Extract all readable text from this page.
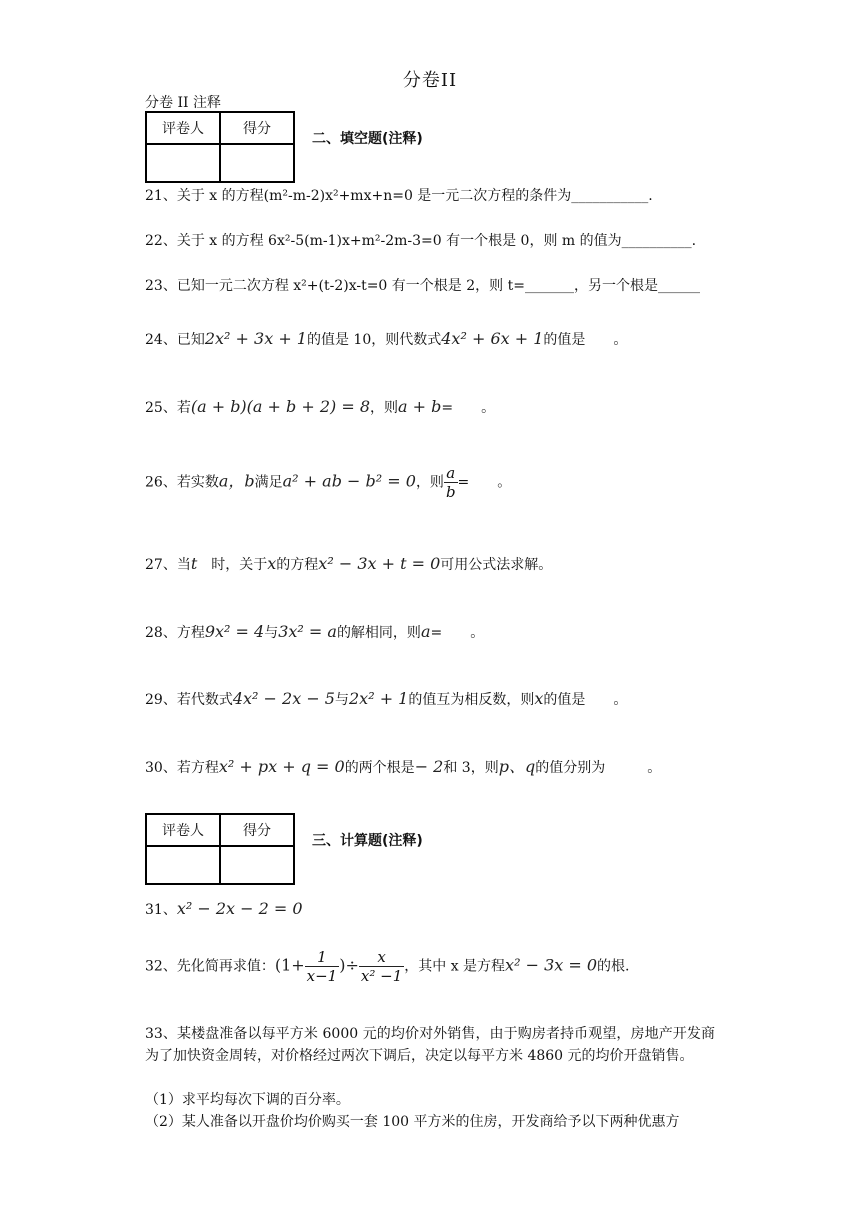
分卷II
分卷 II 注释
评卷人	得分

二、填空题(注释)
21、关于 x 的方程(m²-m-2)x²+mx+n=0 是一元二次方程的条件为___________.
22、关于 x 的方程 6x²-5(m-1)x+m²-2m-3=0 有一个根是 0，则 m 的值为__________.
23、已知一元二次方程 x²+(t-2)x-t=0 有一个根是 2，则 t=_______，另一个根是______
24、已知2x² + 3x + 1的值是 10，则代数式4x² + 6x + 1的值是　　。
25、若(a + b)(a + b + 2) = 8，则a + b=　　。
26、若实数a，b满足a² + ab − b² = 0，则 $\frac{a}{b}$ =　　。
27、当t　时，关于x的方程x² − 3x + t = 0可用公式法求解。
28、方程9x² = 4与3x² = a的解相同，则a=　　。
29、若代数式4x² − 2x − 5与2x² + 1的值互为相反数，则x的值是　　。
30、若方程x² + px + q = 0的两个根是− 2和 3，则p、q的值分别为　　　。
评卷人	得分

三、计算题(注释)
31、x² − 2x − 2 = 0
32、先化简再求值：($1+ \frac{1}{x-1}$ )÷ $\frac{x}{\text{x² −1}}$ ，其中 x 是方程x² − 3x = 0的根.
33、某楼盘准备以每平方米 6000 元的均价对外销售，由于购房者持币观望，房地产开发商为了加快资金周转，对价格经过两次下调后，决定以每平方米 4860 元的均价开盘销售。
（1）求平均每次下调的百分率。
（2）某人准备以开盘价均价购买一套 100 平方米的住房，开发商给予以下两种优惠方
